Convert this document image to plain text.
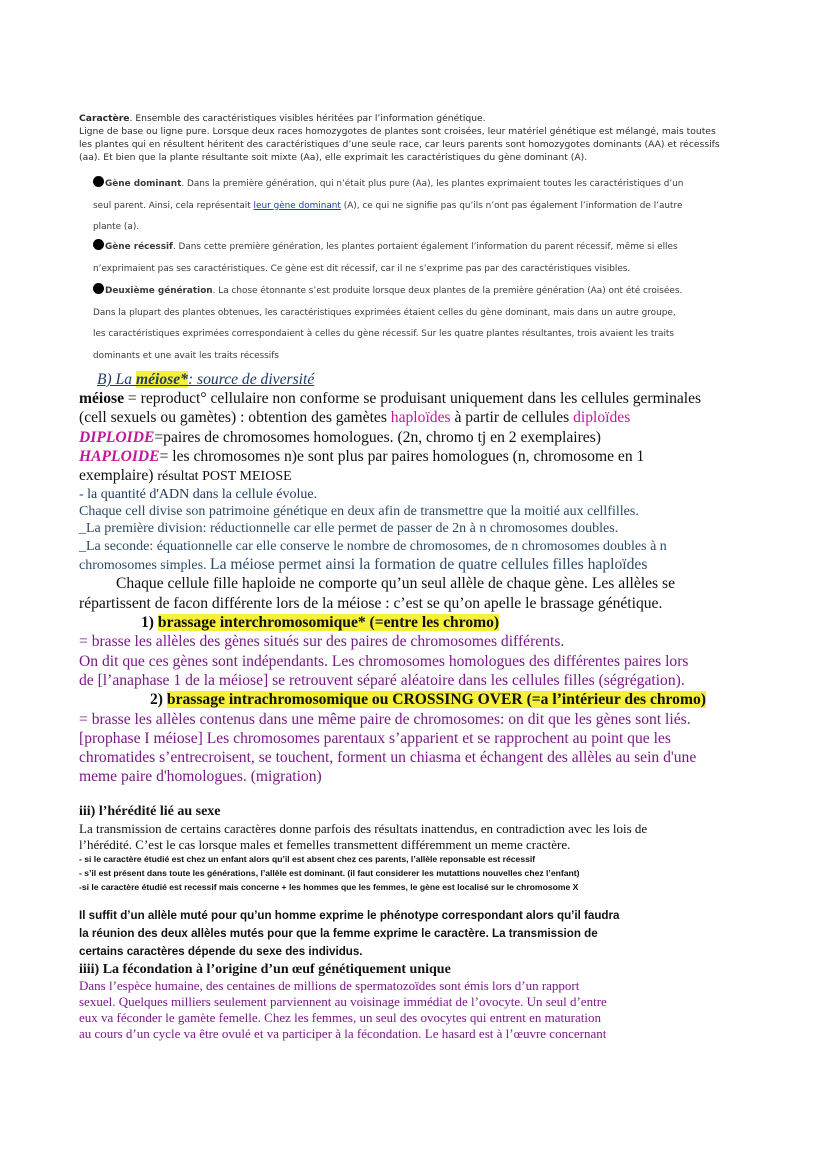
Caractère. Ensemble des caractéristiques visibles héritées par l’information génétique.

Ligne de base ou ligne pure. Lorsque deux races homozygotes de plantes sont croisées, leur matériel génétique est mélangé, mais toutes

les plantes qui en résultent héritent des caractéristiques d’une seule race, car leurs parents sont homozygotes dominants (AA) et récessifs

(aa). Et bien que la plante résultante soit mixte (Aa), elle exprimait les caractéristiques du gène dominant (A).

Gène dominant. Dans la première génération, qui n’était plus pure (Aa), les plantes exprimaient toutes les caractéristiques d’un

seul parent. Ainsi, cela représentait leur gène dominant (A), ce qui ne signifie pas qu’ils n’ont pas également l’information de l’autre

plante (a).

Gène récessif. Dans cette première génération, les plantes portaient également l’information du parent récessif, même si elles

n’exprimaient pas ses caractéristiques. Ce gène est dit récessif, car il ne s’exprime pas par des caractéristiques visibles.

Deuxième génération. La chose étonnante s’est produite lorsque deux plantes de la première génération (Aa) ont été croisées.

Dans la plupart des plantes obtenues, les caractéristiques exprimées étaient celles du gène dominant, mais dans un autre groupe,

les caractéristiques exprimées correspondaient à celles du gène récessif. Sur les quatre plantes résultantes, trois avaient les traits

dominants et une avait les traits récessifs

B) La méiose*: source de diversité
méiose = reproduct° cellulaire non conforme se produisant uniquement dans les cellules germinales
(cell sexuels ou gamètes) : obtention des gamètes haploïdes à partir de cellules diploïdes
DIPLOIDE=paires de chromosomes homologues. (2n, chromo tj en 2 exemplaires)
HAPLOIDE= les chromosomes n)e sont plus par paires homologues (n, chromosome en 1
exemplaire) résultat POST MEIOSE
- la quantité d'ADN dans la cellule évolue.
Chaque cell divise son patrimoine génétique en deux afin de transmettre que la moitié aux cellfilles.
_La première division: réductionnelle car elle permet de passer de 2n à n chromosomes doubles.
_La seconde: équationnelle car elle conserve le nombre de chromosomes, de n chromosomes doubles à n
chromosomes simples. La méiose permet ainsi la formation de quatre cellules filles haploïdes
Chaque cellule fille haploide ne comporte qu’un seul allèle de chaque gène. Les allèles se
répartissent de facon différente lors de la méiose : c’est se qu’on apelle le brassage génétique.
1) brassage interchromosomique* (=entre les chromo)
= brasse les allèles des gènes situés sur des paires de chromosomes différents.
On dit que ces gènes sont indépendants. Les chromosomes homologues des différentes paires lors
de [l’anaphase 1 de la méiose] se retrouvent séparé aléatoire dans les cellules filles (ségrégation).
2) brassage intrachromosomique ou CROSSING OVER (=a l’intérieur des chromo)
= brasse les allèles contenus dans une même paire de chromosomes: on dit que les gènes sont liés.
[prophase I méiose] Les chromosomes parentaux s’apparient et se rapprochent au point que les
chromatides s’entrecroisent, se touchent, forment un chiasma et échangent des allèles au sein d'une
meme paire d'homologues. (migration)
iii) l’hérédité lié au sexe
La transmission de certains caractères donne parfois des résultats inattendus, en contradiction avec les lois de
l’hérédité. C’est le cas lorsque males et femelles transmettent différemment un meme cractère.
- si le caractère étudié est chez un enfant alors qu’il est absent chez ces parents, l’allèle reponsable est récessif
- s’il est présent dans toute les générations, l’allèle est dominant. (il faut considerer les mutattions nouvelles chez l’enfant)
-si le caractère étudié est recessif mais concerne + les hommes que les femmes, le gène est localisé sur le chromosome X
Il suffit d’un allèle muté pour qu’un homme exprime le phénotype correspondant alors qu’il faudra
la réunion des deux allèles mutés pour que la femme exprime le caractère. La transmission de
certains caractères dépende du sexe des individus.
iiii) La fécondation à l’origine d’un œuf génétiquement unique
Dans l’espèce humaine, des centaines de millions de spermatozoïdes sont émis lors d’un rapport
sexuel. Quelques milliers seulement parviennent au voisinage immédiat de l’ovocyte. Un seul d’entre
eux va féconder le gamète femelle. Chez les femmes, un seul des ovocytes qui entrent en maturation
au cours d’un cycle va être ovulé et va participer à la fécondation. Le hasard est à l’œuvre concernant
